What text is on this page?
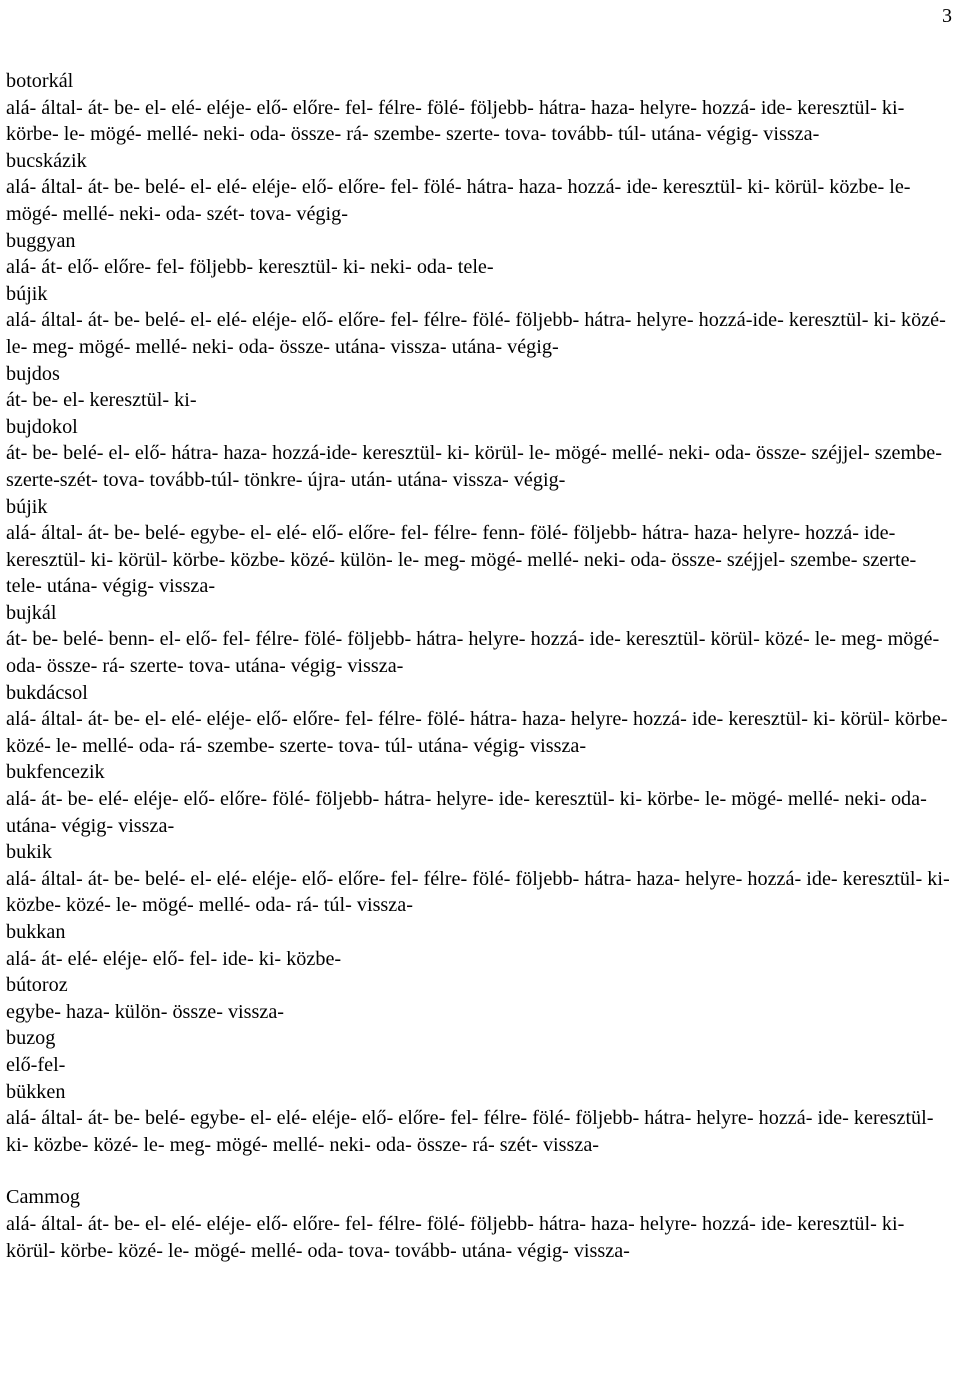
3

botorkál

alá- által- át- be- el- elé- eléje- elő- előre- fel- félre- fölé- följebb- hátra- haza- helyre- hozzá- ide- keresztül- ki- körbe- le- mögé- mellé- neki- oda- össze- rá- szembe- szerte- tova- tovább- túl- utána- végig- vissza-

bucskázik

alá- által- át- be- belé- el- elé- eléje- elő- előre- fel- fölé- hátra- haza- hozzá- ide- keresztül- ki- körül- közbe- le- mögé- mellé- neki- oda- szét- tova- végig-

buggyan

alá- át- elő- előre- fel- följebb- keresztül- ki- neki- oda- tele-

bújik

alá- által- át- be- belé- el- elé- eléje- elő- előre- fel- félre- fölé- följebb- hátra- helyre- hozzá-ide- keresztül- ki- közé- le- meg- mögé- mellé- neki- oda- össze- utána- vissza- utána- végig-

bujdos

át- be- el- keresztül- ki-

bujdokol

át- be- belé- el- elő- hátra- haza- hozzá-ide- keresztül- ki- körül- le- mögé- mellé- neki- oda- össze- széjjel- szembe- szerte-szét- tova- tovább-túl- tönkre- újra- után- utána- vissza- végig-

bújik

alá- által- át- be- belé- egybe- el- elé- elő- előre- fel- félre- fenn- fölé- följebb- hátra- haza- helyre- hozzá- ide- keresztül- ki- körül- körbe- közbe- közé- külön- le- meg- mögé- mellé- neki- oda- össze- széjjel- szembe- szerte- tele- utána- végig- vissza-

bujkál

át- be- belé- benn- el- elő- fel- félre- fölé- följebb- hátra- helyre- hozzá- ide- keresztül- körül- közé- le- meg- mögé- oda- össze- rá- szerte- tova- utána- végig- vissza-

bukdácsol

alá- által- át- be- el- elé- eléje- elő- előre- fel- félre- fölé- hátra- haza- helyre- hozzá- ide- keresztül- ki- körül- körbe- közé- le- mellé- oda- rá- szembe- szerte- tova- túl- utána- végig- vissza-

bukfencezik

alá- át- be- elé- eléje- elő- előre- fölé- följebb- hátra- helyre- ide- keresztül- ki- körbe- le- mögé- mellé- neki- oda- utána- végig- vissza-

bukik

alá- által- át- be- belé- el- elé- eléje- elő- előre- fel- félre- fölé- följebb- hátra- haza- helyre- hozzá- ide- keresztül- ki- közbe- közé- le- mögé- mellé- oda- rá- túl- vissza-

bukkan

alá- át- elé- eléje- elő- fel- ide- ki- közbe-

bútoroz

egybe- haza- külön- össze- vissza-

buzog

elő-fel-

bükken

alá- által- át- be- belé- egybe- el- elé- eléje- elő- előre- fel- félre- fölé- följebb- hátra- helyre- hozzá- ide- keresztül- ki- közbe- közé- le- meg- mögé- mellé- neki- oda- össze- rá- szét- vissza-

Cammog

alá- által- át- be- el- elé- eléje- elő- előre- fel- félre- fölé- följebb- hátra- haza- helyre- hozzá- ide- keresztül- ki- körül- körbe- közé- le- mögé- mellé- oda- tova- tovább- utána- végig- vissza-
